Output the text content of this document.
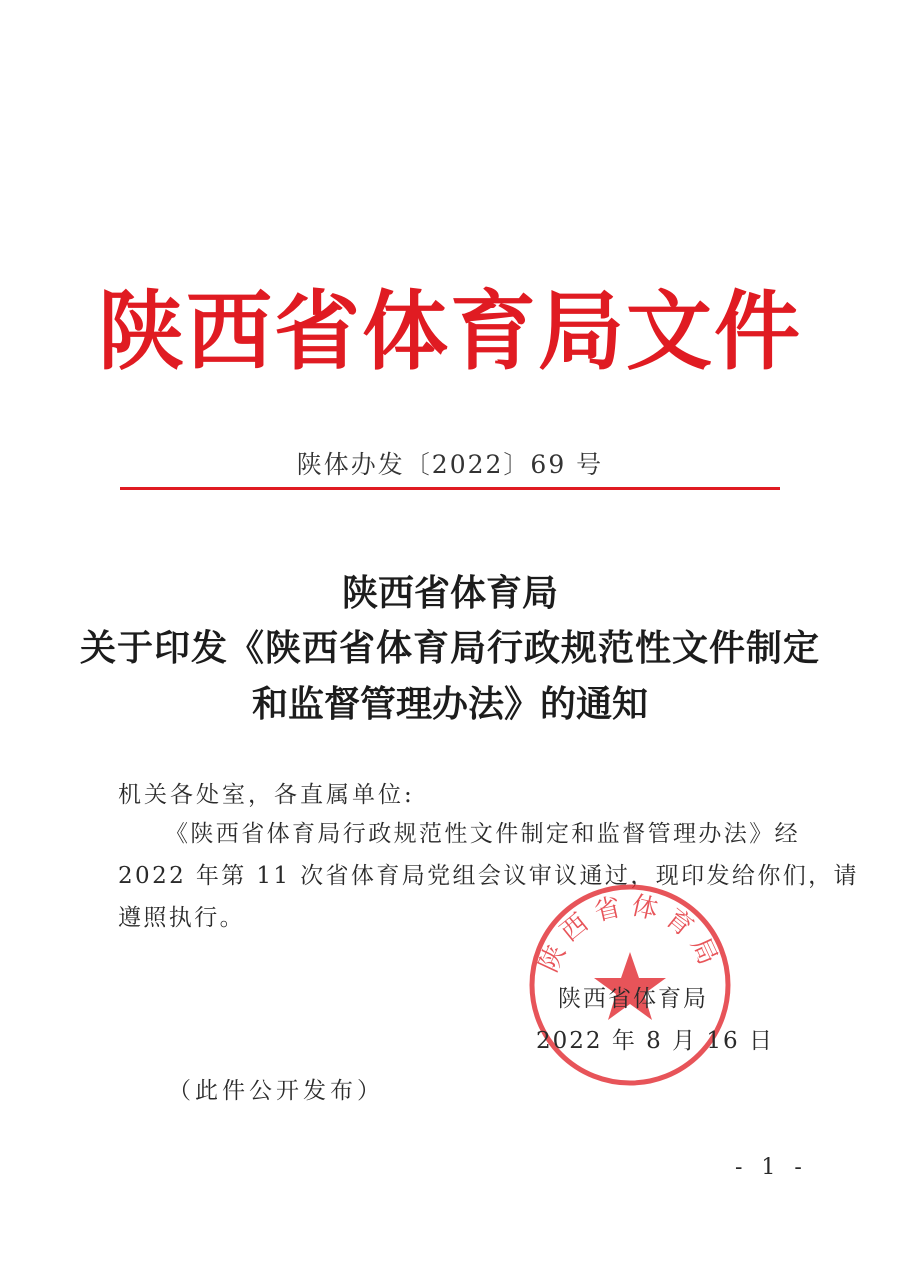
陕西省体育局文件
陕体办发〔2022〕69 号
陕西省体育局
关于印发《陕西省体育局行政规范性文件制定
和监督管理办法》的通知
机关各处室，各直属单位:
《陕西省体育局行政规范性文件制定和监督管理办法》经
2022 年第 11 次省体育局党组会议审议通过，现印发给你们，请
遵照执行。
陕西省体育局
陕西省体育局
2022 年 8 月 16 日
（此件公开发布）
- 1 -
